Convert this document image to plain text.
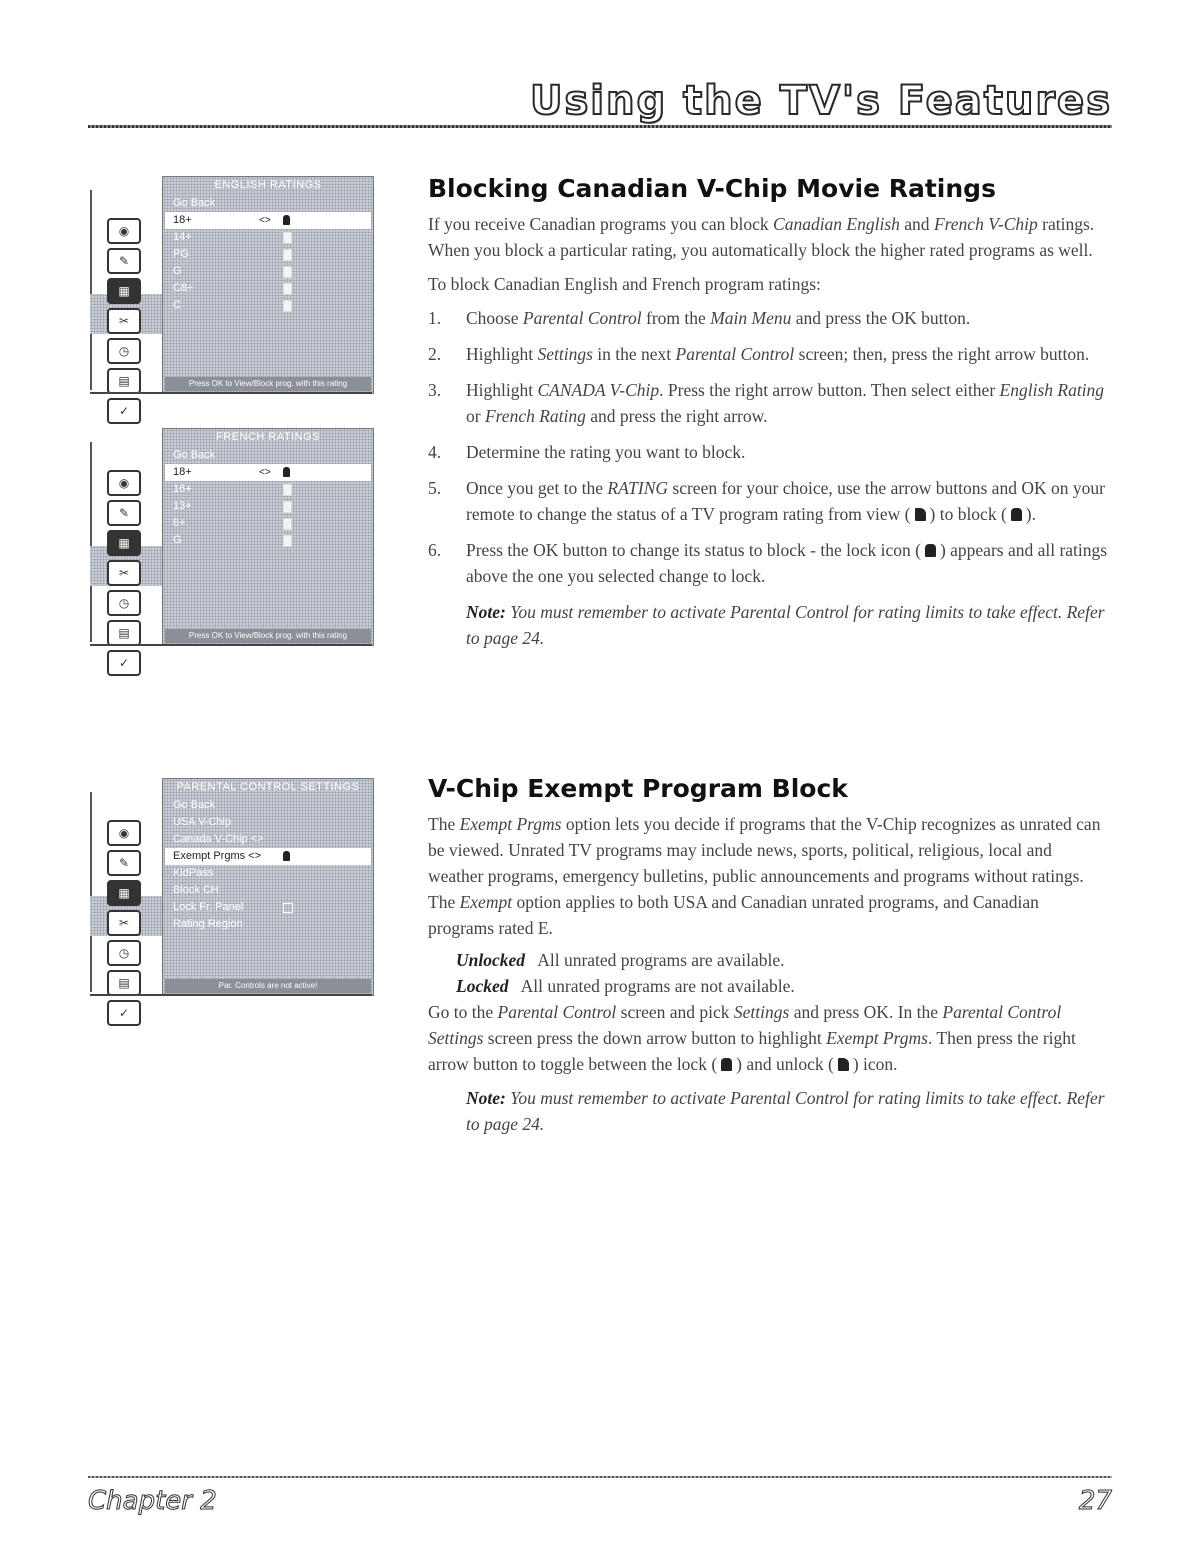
Using the TV's Features
◉
✎
▦
✂
◷
▤
✓
ENGLISH RATINGS
Go Back
18+	<>
14+
PG
G
C8+
C
Press OK to View/Block prog. with this rating
◉
✎
▦
✂
◷
▤
✓
FRENCH RATINGS
Go Back
18+	<>
16+
13+
8+
G
Press OK to View/Block prog. with this rating
◉
✎
▦
✂
◷
▤
✓
PARENTAL CONTROL SETTINGS
Go Back
USA V-Chip
Canada V-Chip <>
Exempt Prgms <>
KidPass
Block CH
Lock Fr. Panel
Rating Region
Par. Controls are not active!
Blocking Canadian V-Chip Movie Ratings

If you receive Canadian programs you can block Canadian English and French V-Chip ratings. When you block a particular rating, you automatically block the higher rated programs as well.

To block Canadian English and French program ratings:

1. Choose Parental Control from the Main Menu and press the OK button.
2. Highlight Settings in the next Parental Control screen; then, press the right arrow button.
3. Highlight CANADA V-Chip. Press the right arrow button. Then select either English Rating or French Rating and press the right arrow.
4. Determine the rating you want to block.
5. Once you get to the RATING screen for your choice, use the arrow buttons and OK on your remote to change the status of a TV program rating from view ( ) to block ( ).
6. Press the OK button to change its status to block - the lock icon ( ) appears and all ratings above the one you selected change to lock.

Note: You must remember to activate Parental Control for rating limits to take effect. Refer to page 24.

V-Chip Exempt Program Block

The Exempt Prgms option lets you decide if programs that the V-Chip recognizes as unrated can be viewed. Unrated TV programs may include news, sports, political, religious, local and weather programs, emergency bulletins, public announcements and programs without ratings. The Exempt option applies to both USA and Canadian unrated programs, and Canadian programs rated E.

Unlocked All unrated programs are available.

Locked All unrated programs are not available.

Go to the Parental Control screen and pick Settings and press OK. In the Parental Control Settings screen press the down arrow button to highlight Exempt Prgms. Then press the right arrow button to toggle between the lock ( ) and unlock ( ) icon.

Note: You must remember to activate Parental Control for rating limits to take effect. Refer to page 24.

Chapter 2	27
